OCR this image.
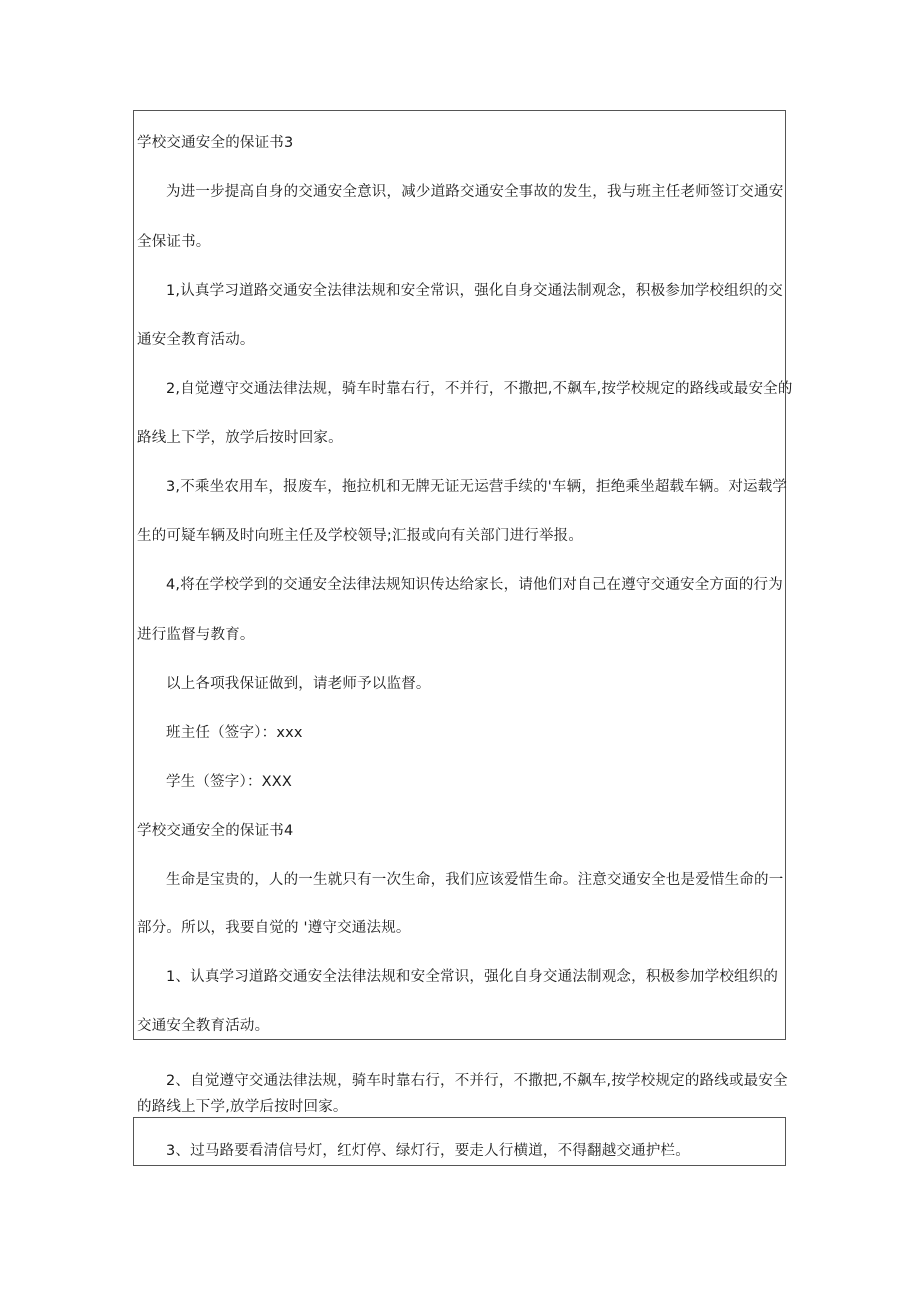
学校交通安全的保证书3
为进一步提高自身的交通安全意识，减少道路交通安全事故的发生，我与班主任老师签订交通安
全保证书。
1,认真学习道路交通安全法律法规和安全常识，强化自身交通法制观念，积极参加学校组织的交
通安全教育活动。
2,自觉遵守交通法律法规，骑车时靠右行，不并行，不撒把,不飙车,按学校规定的路线或最安全的
路线上下学，放学后按时回家。
3,不乘坐农用车，报废车，拖拉机和无牌无证无运营手续的'车辆，拒绝乘坐超载车辆。对运载学
生的可疑车辆及时向班主任及学校领导;汇报或向有关部门进行举报。
4,将在学校学到的交通安全法律法规知识传达给家长，请他们对自己在遵守交通安全方面的行为
进行监督与教育。
以上各项我保证做到，请老师予以监督。
班主任（签字）：xxx
学生（签字）：XXX
学校交通安全的保证书4
生命是宝贵的，人的一生就只有一次生命，我们应该爱惜生命。注意交通安全也是爱惜生命的一
部分。所以，我要自觉的 '遵守交通法规。
1、认真学习道路交通安全法律法规和安全常识，强化自身交通法制观念，积极参加学校组织的
交通安全教育活动。
2、自觉遵守交通法律法规，骑车时靠右行，不并行，不撒把,不飙车,按学校规定的路线或最安全
的路线上下学,放学后按时回家。
3、过马路要看清信号灯，红灯停、绿灯行，要走人行横道，不得翻越交通护栏。
